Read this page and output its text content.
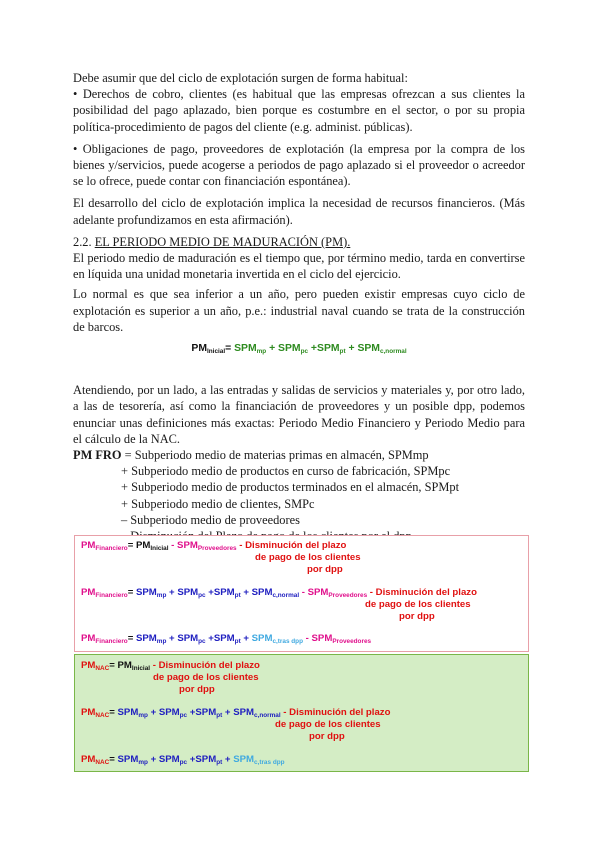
Debe asumir que del ciclo de explotación surgen de forma habitual:

• Derechos de cobro, clientes (es habitual que las empresas ofrezcan a sus clientes la posibilidad del pago aplazado, bien porque es costumbre en el sector, o por su propia política-procedimiento de pagos del cliente (e.g. administ. públicas).

• Obligaciones de pago, proveedores de explotación (la empresa por la compra de los bienes y/servicios, puede acogerse a periodos de pago aplazado si el proveedor o acreedor se lo ofrece, puede contar con financiación espontánea).

El desarrollo del ciclo de explotación implica la necesidad de recursos financieros. (Más adelante profundizamos en esta afirmación).

2.2. EL PERIODO MEDIO DE MADURACIÓN (PM).

El periodo medio de maduración es el tiempo que, por término medio, tarda en convertirse en líquida una unidad monetaria invertida en el ciclo del ejercicio.

Lo normal es que sea inferior a un año, pero pueden existir empresas cuyo ciclo de explotación es superior a un año, p.e.: industrial naval cuando se trata de la construcción de barcos.

$PM_{Inicial}= SPM_{mp} + SPM_{pc} +SPM_{pt} + SPM_{c,normal}$

Atendiendo, por un lado, a las entradas y salidas de servicios y materiales y, por otro lado, a las de tesorería, así como la financiación de proveedores y un posible dpp, podemos enunciar unas definiciones más exactas: Periodo Medio Financiero y Periodo Medio para el cálculo de la NAC.

PM FRO = Subperiodo medio de materias primas en almacén, SPMmp

+ Subperiodo medio de productos en curso de fabricación, SPMpc

+ Subperiodo medio de productos terminados en el almacén, SPMpt

+ Subperiodo medio de clientes, SMPc

– Subperiodo medio de proveedores

$PM_{Financiero}= PM_{Inicial} - SPM_{Proveedores}$ - Disminución del plazo
de pago de los clientes
por dpp
$PM_{Financiero}= SPM_{mp} + SPM_{pc} +SPM_{pt} + SPM_{c,normal} - SPM_{Proveedores}$ - Disminución del plazo
de pago de los clientes
por dpp
$PM_{Financiero}= SPM_{mp} + SPM_{pc} +SPM_{pt} + SPM_{c,tras dpp} - SPM_{Proveedores}$
$PM_{NAC}= PM_{Inicial}$ - Disminución del plazo
de pago de los clientes
por dpp
$PM_{NAC}= SPM_{mp} + SPM_{pc} +SPM_{pt} + SPM_{c,normal}$ - Disminución del plazo
de pago de los clientes
por dpp
$PM_{NAC}= SPM_{mp} + SPM_{pc} +SPM_{pt} + SPM_{c,tras dpp}$
